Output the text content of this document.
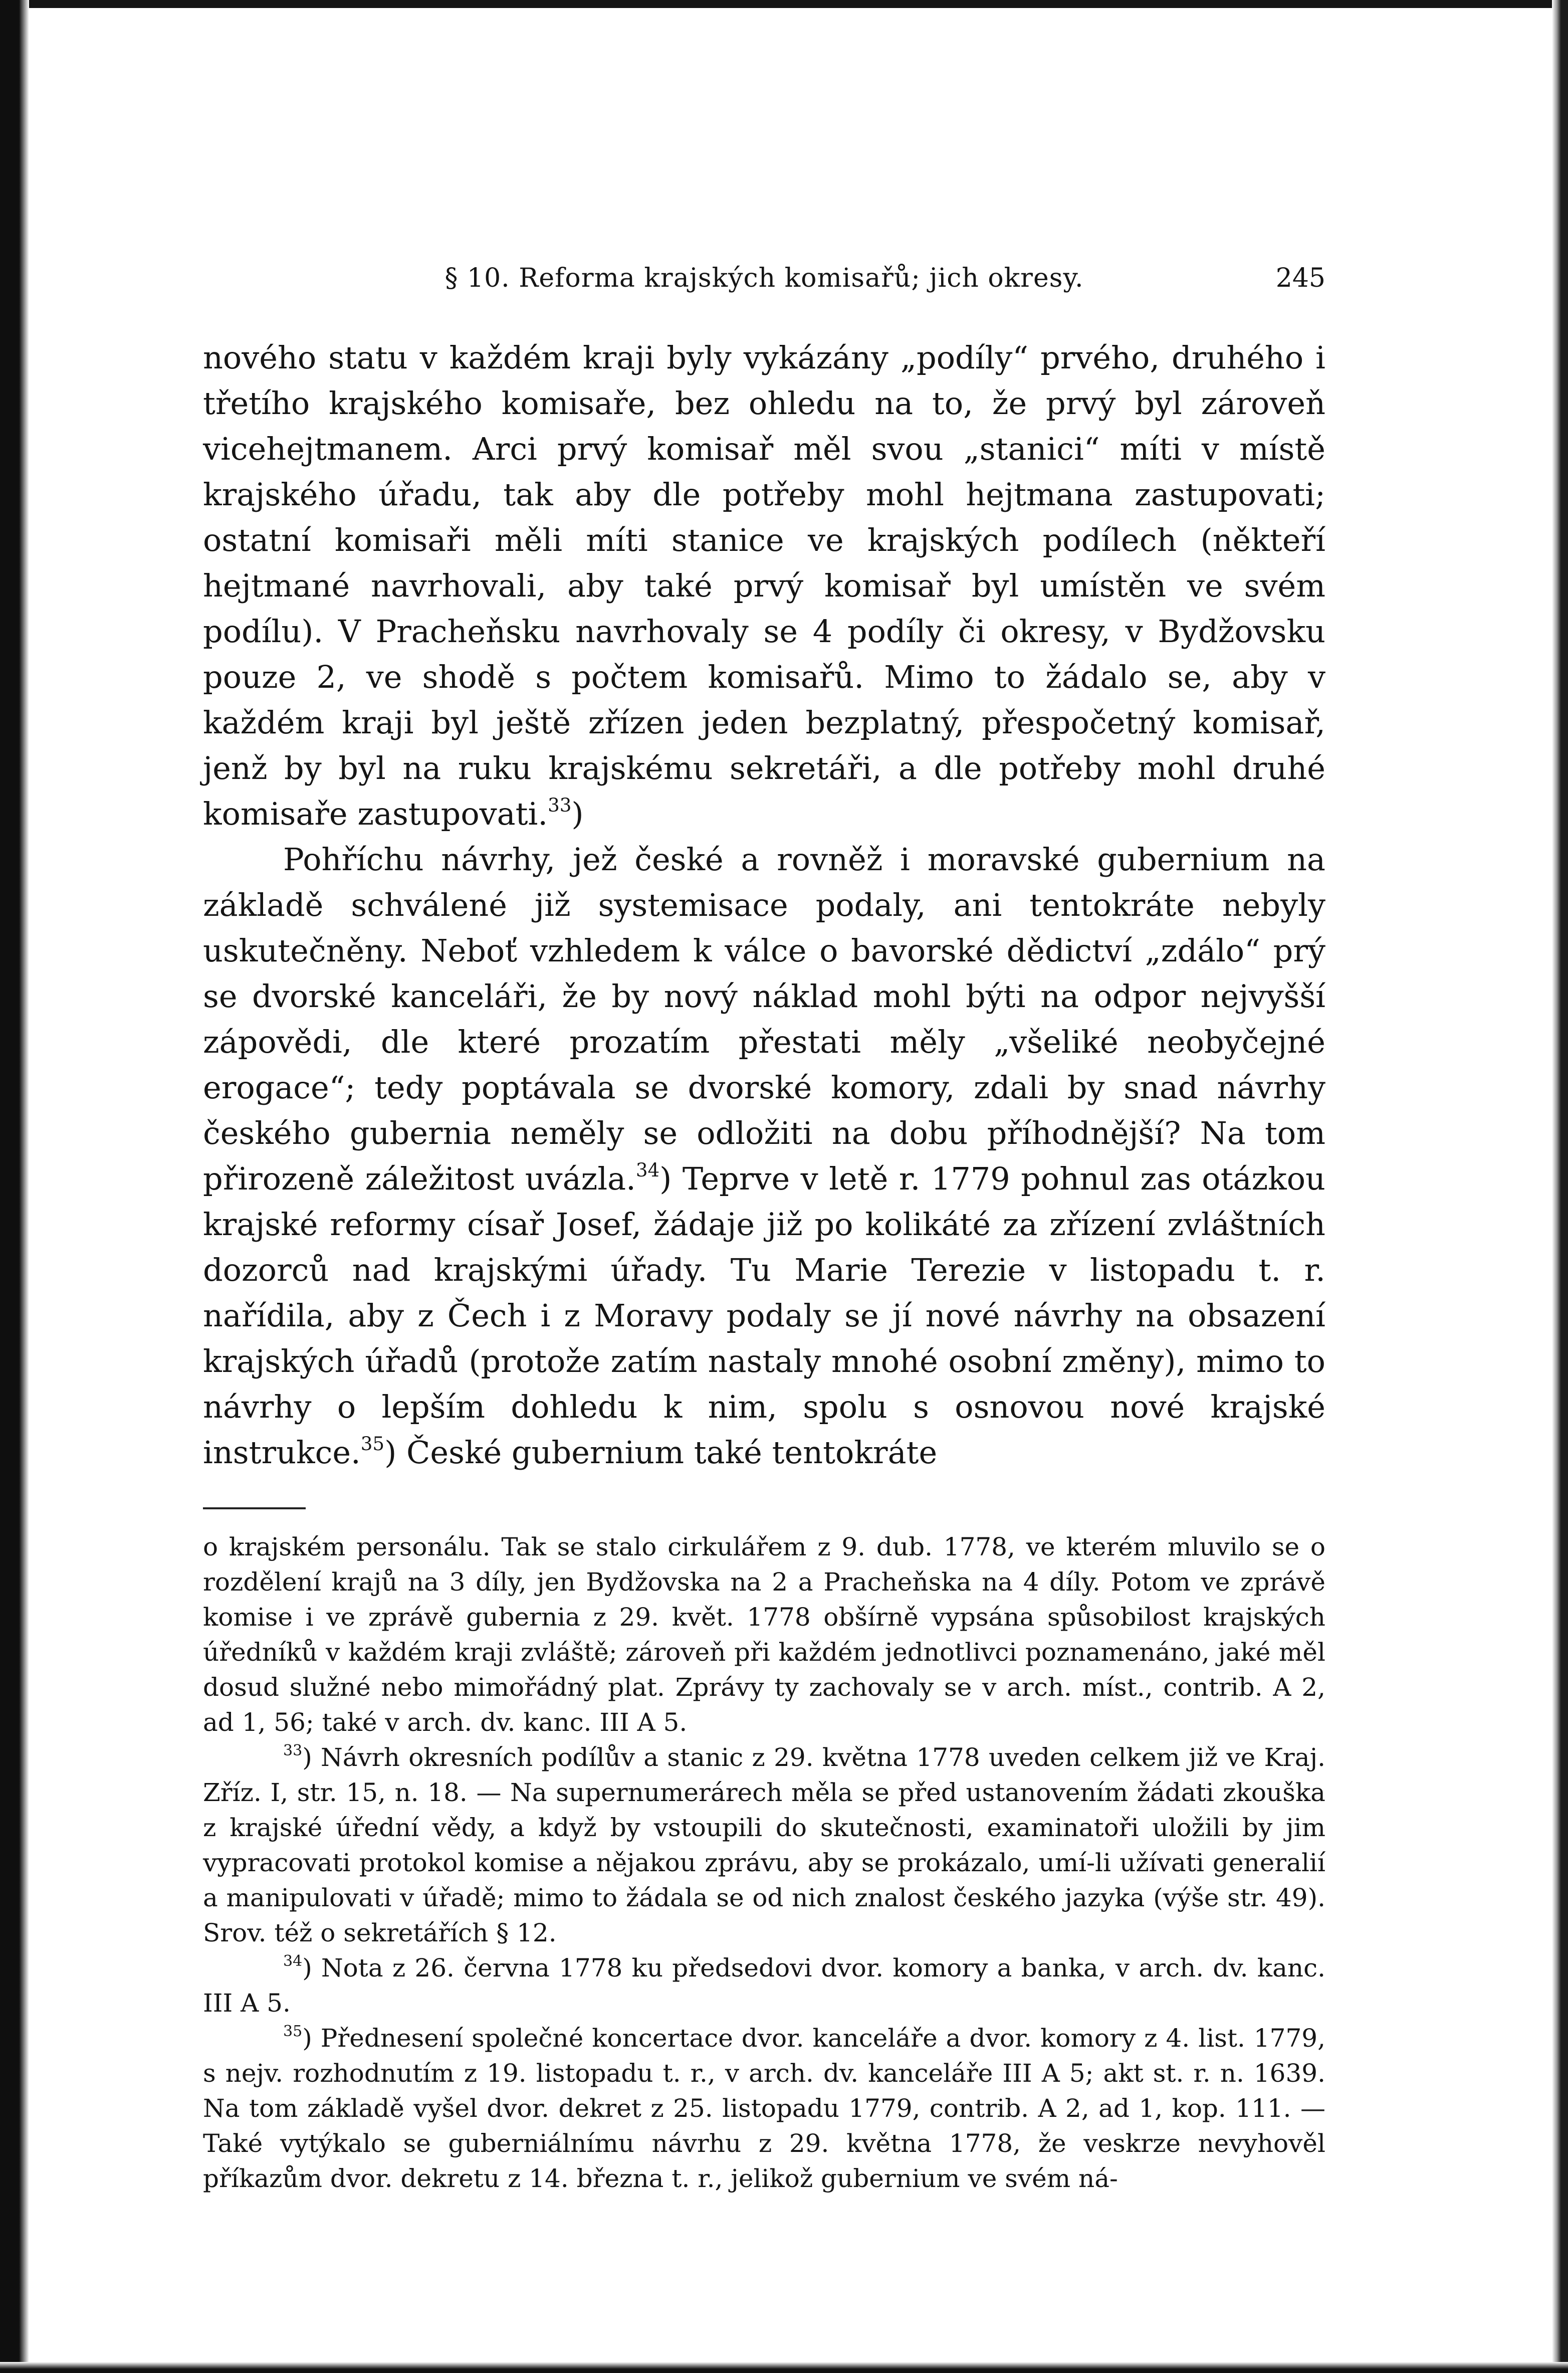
§ 10. Reforma krajských komisařů; jich okresy.	245

nového statu v každém kraji byly vykázány „podíly“ prvého, druhého i třetího krajského komisaře, bez ohledu na to, že prvý byl zároveň vicehejtmanem. Arci prvý komisař měl svou „stanici“ míti v místě krajského úřadu, tak aby dle potřeby mohl hejtmana zastupovati; ostatní komisaři měli míti stanice ve krajských podílech (někteří hejtmané navrhovali, aby také prvý komisař byl umístěn ve svém podílu). V Pracheňsku navrhovaly se 4 podíly či okresy, v Bydžovsku pouze 2, ve shodě s počtem komisařů. Mimo to žádalo se, aby v každém kraji byl ještě zřízen jeden bezplatný, přespočetný komisař, jenž by byl na ruku krajskému sekretáři, a dle potřeby mohl druhé komisaře zastupovati.$^{33}$)

Pohříchu návrhy, jež české a rovněž i moravské gubernium na základě schválené již systemisace podaly, ani tentokráte nebyly uskutečněny. Neboť vzhledem k válce o bavorské dědictví „zdálo“ prý se dvorské kanceláři, že by nový náklad mohl býti na odpor nejvyšší zápovědi, dle které prozatím přestati měly „všeliké neobyčejné erogace“; tedy poptávala se dvorské komory, zdali by snad návrhy českého gubernia neměly se odložiti na dobu příhodnější? Na tom přirozeně záležitost uvázla.$^{34}$) Teprve v letě r. 1779 pohnul zas otázkou krajské reformy císař Josef, žádaje již po kolikáté za zřízení zvláštních dozorců nad krajskými úřady. Tu Marie Terezie v listopadu t. r. nařídila, aby z Čech i z Moravy podaly se jí nové návrhy na obsazení krajských úřadů (protože zatím nastaly mnohé osobní změny), mimo to návrhy o lepším dohledu k nim, spolu s osnovou nové krajské instrukce.$^{35}$) České gubernium také tentokráte

o krajském personálu. Tak se stalo cirkulářem z 9. dub. 1778, ve kterém mluvilo se o rozdělení krajů na 3 díly, jen Bydžovska na 2 a Pracheňska na 4 díly. Potom ve zprávě komise i ve zprávě gubernia z 29. květ. 1778 obšírně vypsána spůsobilost krajských úředníků v každém kraji zvláště; zároveň při každém jednotlivci poznamenáno, jaké měl dosud služné nebo mimořádný plat. Zprávy ty zachovaly se v arch. míst., contrib. A 2, ad 1, 56; také v arch. dv. kanc. III A 5.

$^{33}$) Návrh okresních podílův a stanic z 29. května 1778 uveden celkem již ve Kraj. Zříz. I, str. 15, n. 18. — Na supernumerárech měla se před ustanovením žádati zkouška z krajské úřední vědy, a když by vstoupili do skutečnosti, examinatoři uložili by jim vypracovati protokol komise a nějakou zprávu, aby se prokázalo, umí-li užívati generalií a manipulovati v úřadě; mimo to žádala se od nich znalost českého jazyka (výše str. 49). Srov. též o sekretářích § 12.

$^{34}$) Nota z 26. června 1778 ku předsedovi dvor. komory a banka, v arch. dv. kanc. III A 5.

$^{35}$) Přednesení společné koncertace dvor. kanceláře a dvor. komory z 4. list. 1779, s nejv. rozhodnutím z 19. listopadu t. r., v arch. dv. kanceláře III A 5; akt st. r. n. 1639. Na tom základě vyšel dvor. dekret z 25. listopadu 1779, contrib. A 2, ad 1, kop. 111. — Také vytýkalo se guberniálnímu návrhu z 29. května 1778, že veskrze nevyhověl příkazům dvor. dekretu z 14. března t. r., jelikož gubernium ve svém ná-
